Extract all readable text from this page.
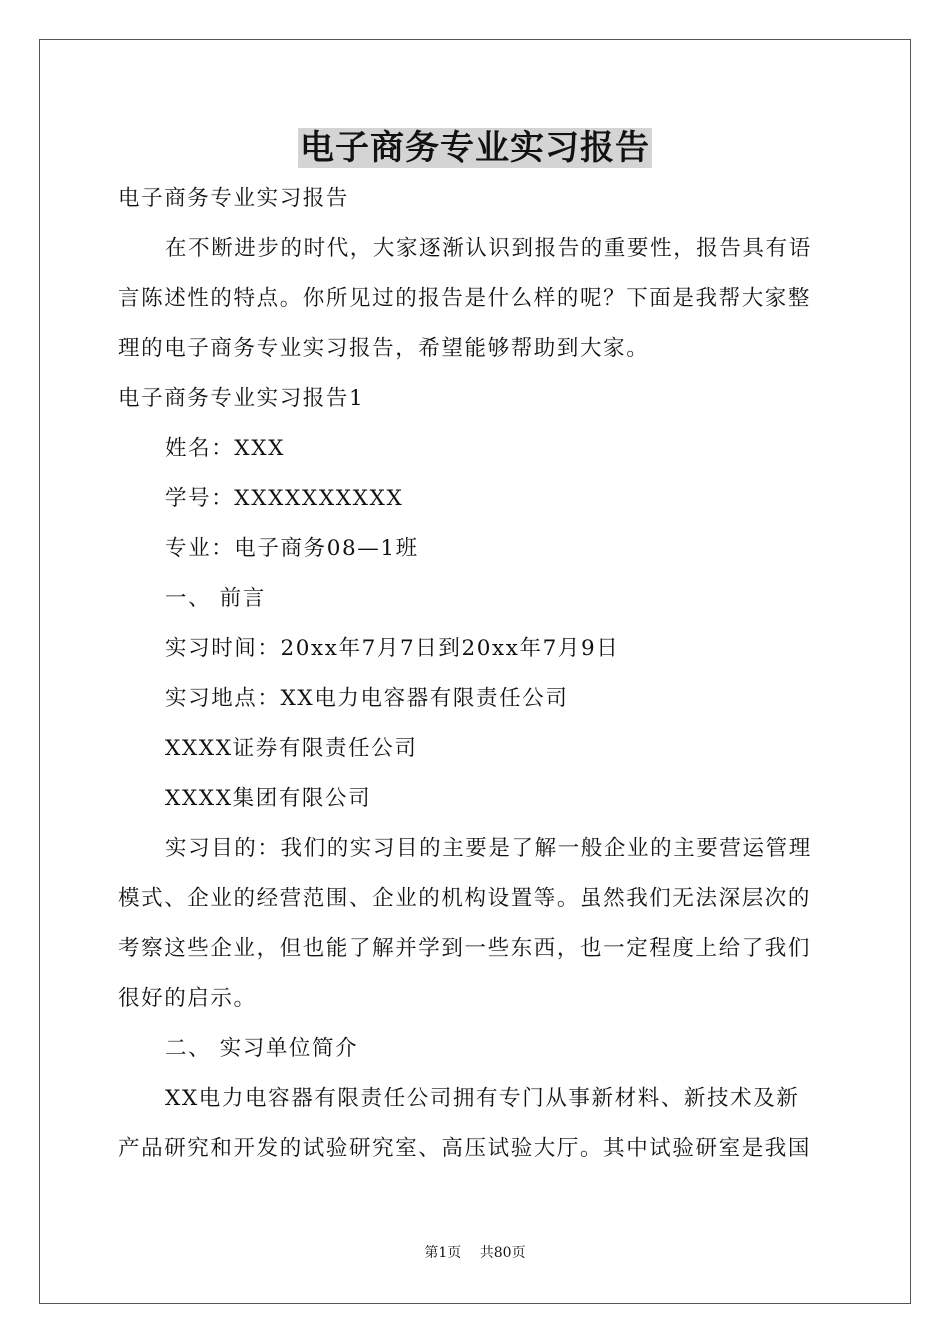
电子商务专业实习报告
电子商务专业实习报告
在不断进步的时代，大家逐渐认识到报告的重要性，报告具有语
言陈述性的特点。你所见过的报告是什么样的呢？下面是我帮大家整
理的电子商务专业实习报告，希望能够帮助到大家。
电子商务专业实习报告1
姓名：XXX
学号：XXXXXXXXXX
专业：电子商务08—1班
一、 前言
实习时间：20xx年7月7日到20xx年7月9日
实习地点：XX电力电容器有限责任公司
XXXX证券有限责任公司
XXXX集团有限公司
实习目的：我们的实习目的主要是了解一般企业的主要营运管理
模式、企业的经营范围、企业的机构设置等。虽然我们无法深层次的
考察这些企业，但也能了解并学到一些东西，也一定程度上给了我们
很好的启示。
二、 实习单位简介
XX电力电容器有限责任公司拥有专门从事新材料、新技术及新
产品研究和开发的试验研究室、高压试验大厅。其中试验研室是我国
第1页 共80页
